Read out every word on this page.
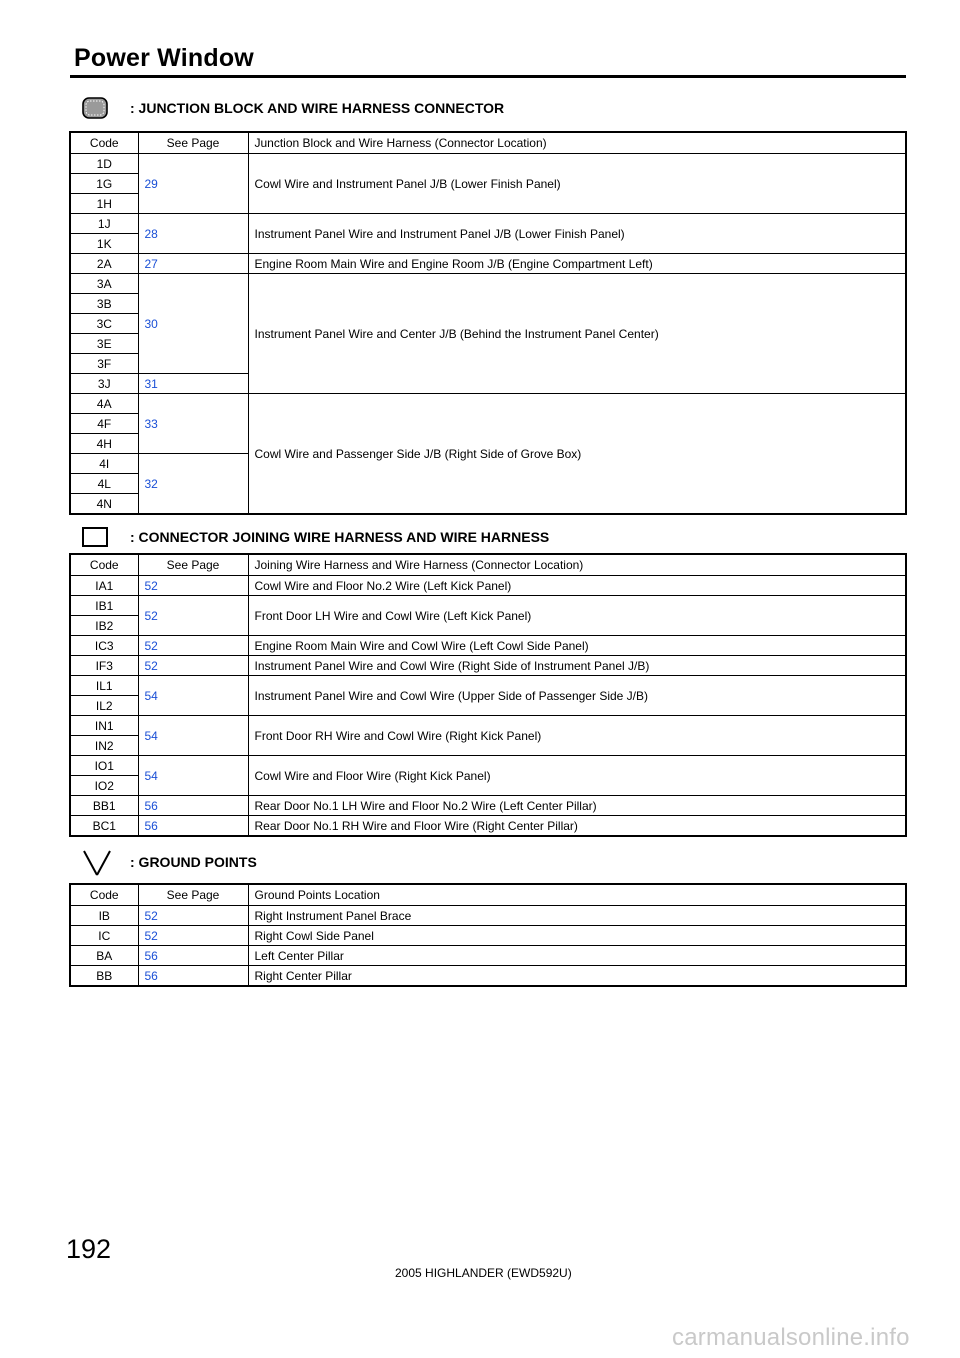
Power Window
: JUNCTION BLOCK AND WIRE HARNESS CONNECTOR
Code	See Page	Junction Block and Wire Harness (Connector Location)
1D	29	Cowl Wire and Instrument Panel J/B (Lower Finish Panel)
1G		
1H		
1J	28	Instrument Panel Wire and Instrument Panel J/B (Lower Finish Panel)
1K		
2A	27	Engine Room Main Wire and Engine Room J/B (Engine Compartment Left)
3A	30	Instrument Panel Wire and Center J/B (Behind the Instrument Panel Center)
3B		
3C		
3E		
3F		
3J	31	
4A	33	Cowl Wire and Passenger Side J/B (Right Side of Grove Box)
4F		
4H		
4I	32	
4L		
4N		
: CONNECTOR JOINING WIRE HARNESS AND WIRE HARNESS
Code	See Page	Joining Wire Harness and Wire Harness (Connector Location)
IA1	52	Cowl Wire and Floor No.2 Wire (Left Kick Panel)
IB1	52	Front Door LH Wire and Cowl Wire (Left Kick Panel)
IB2		
IC3	52	Engine Room Main Wire and Cowl Wire (Left Cowl Side Panel)
IF3	52	Instrument Panel Wire and Cowl Wire (Right Side of Instrument Panel J/B)
IL1	54	Instrument Panel Wire and Cowl Wire (Upper Side of Passenger Side J/B)
IL2		
IN1	54	Front Door RH Wire and Cowl Wire (Right Kick Panel)
IN2		
IO1	54	Cowl Wire and Floor Wire (Right Kick Panel)
IO2		
BB1	56	Rear Door No.1 LH Wire and Floor No.2 Wire (Left Center Pillar)
BC1	56	Rear Door No.1 RH Wire and Floor Wire (Right Center Pillar)
: GROUND POINTS
Code	See Page	Ground Points Location
IB	52	Right Instrument Panel Brace
IC	52	Right Cowl Side Panel
BA	56	Left Center Pillar
BB	56	Right Center Pillar
192
2005 HIGHLANDER (EWD592U)
carmanualsonline.info
